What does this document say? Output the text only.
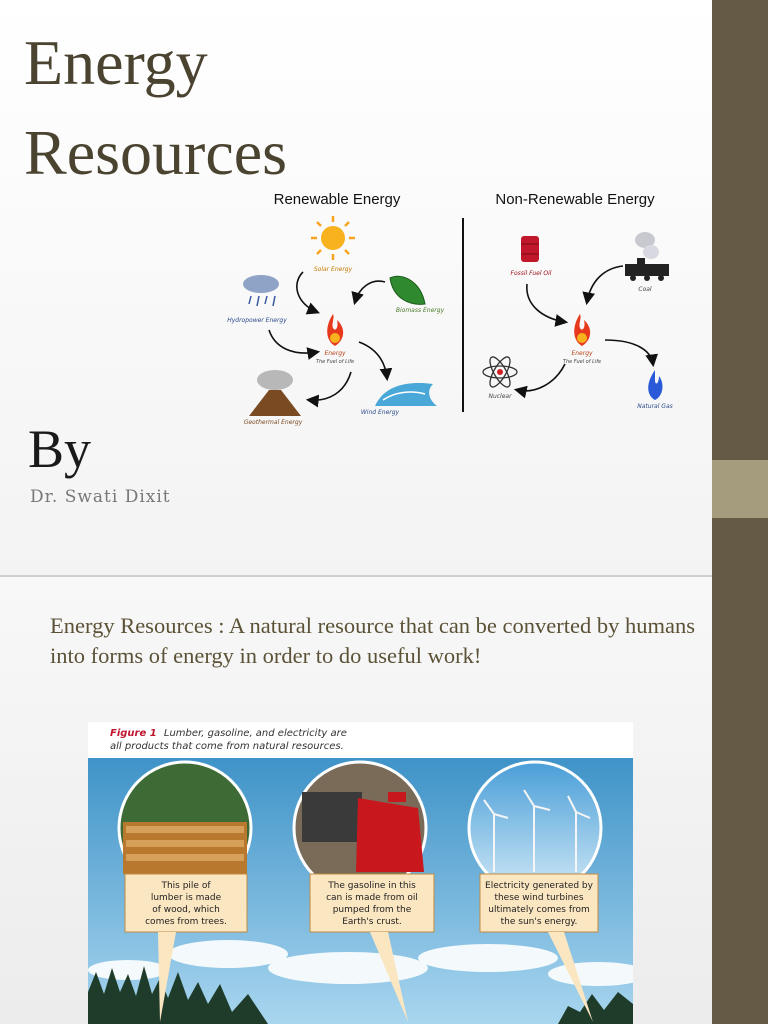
Energy
Resources
Renewable Energy	Non-Renewable Energy
Solar Energy
Biomass Energy
Hydropower Energy
Energy
The Fuel of Life
Geothermal Energy
Wind Energy
Fossil Fuel Oil
Coal
Energy
The Fuel of Life
Nuclear
Natural Gas
By
Dr. Swati Dixit
Energy Resources : A natural resource that can be converted by humans into forms of energy in order to do useful work!
Figure 1 Lumber, gasoline, and electricity are
all products that come from natural resources.
This pile of
lumber is made
of wood, which
comes from trees.
The gasoline in this
can is made from oil
pumped from the
Earth's crust.
Electricity generated by
these wind turbines
ultimately comes from
the sun's energy.
